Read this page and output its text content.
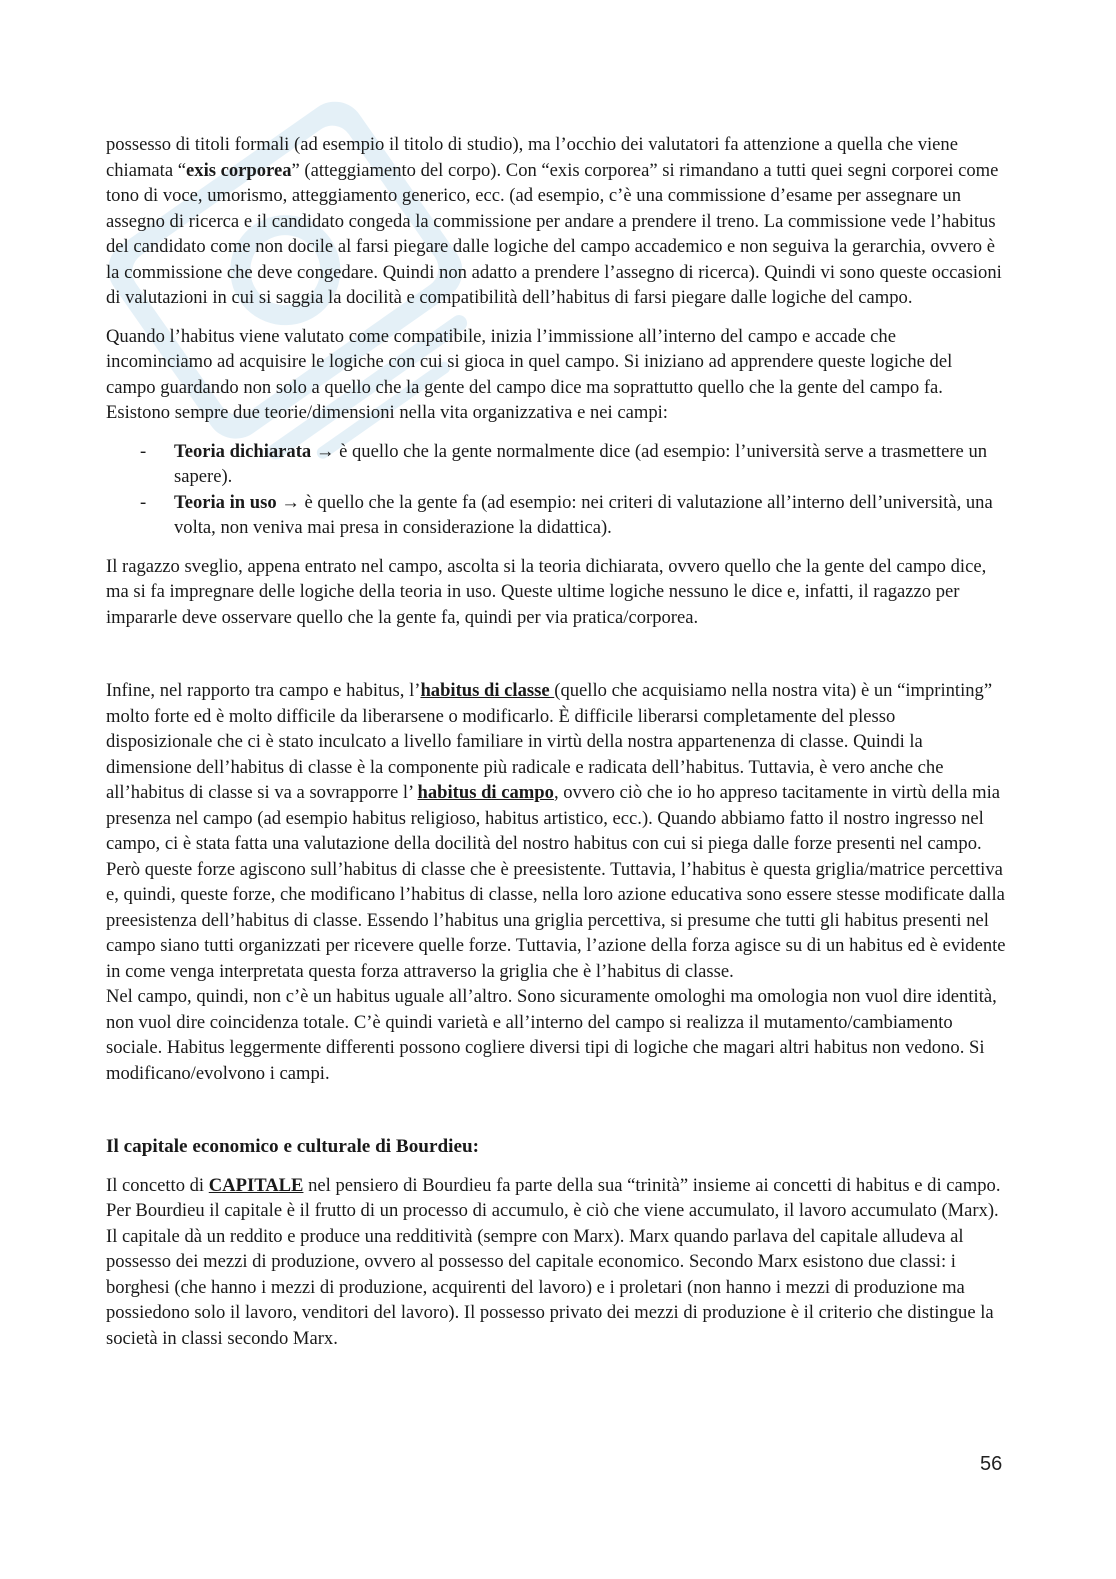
possesso di titoli formali (ad esempio il titolo di studio), ma l’occhio dei valutatori fa attenzione a quella che viene chiamata “exis corporea” (atteggiamento del corpo). Con “exis corporea” si rimandano a tutti quei segni corporei come tono di voce, umorismo, atteggiamento generico, ecc. (ad esempio, c’è una commissione d’esame per assegnare un assegno di ricerca e il candidato congeda la commissione per andare a prendere il treno. La commissione vede l’habitus del candidato come non docile al farsi piegare dalle logiche del campo accademico e non seguiva la gerarchia, ovvero è la commissione che deve congedare. Quindi non adatto a prendere l’assegno di ricerca). Quindi vi sono queste occasioni di valutazioni in cui si saggia la docilità e compatibilità dell’habitus di farsi piegare dalle logiche del campo.

Quando l’habitus viene valutato come compatibile, inizia l’immissione all’interno del campo e accade che incominciamo ad acquisire le logiche con cui si gioca in quel campo. Si iniziano ad apprendere queste logiche del campo guardando non solo a quello che la gente del campo dice ma soprattutto quello che la gente del campo fa. Esistono sempre due teorie/dimensioni nella vita organizzativa e nei campi:

- Teoria dichiarata → è quello che la gente normalmente dice (ad esempio: l’università serve a trasmettere un sapere).
- Teoria in uso → è quello che la gente fa (ad esempio: nei criteri di valutazione all’interno dell’università, una volta, non veniva mai presa in considerazione la didattica).

Il ragazzo sveglio, appena entrato nel campo, ascolta si la teoria dichiarata, ovvero quello che la gente del campo dice, ma si fa impregnare delle logiche della teoria in uso. Queste ultime logiche nessuno le dice e, infatti, il ragazzo per impararle deve osservare quello che la gente fa, quindi per via pratica/corporea.

Infine, nel rapporto tra campo e habitus, l’habitus di classe (quello che acquisiamo nella nostra vita) è un “imprinting” molto forte ed è molto difficile da liberarsene o modificarlo. È difficile liberarsi completamente del plesso disposizionale che ci è stato inculcato a livello familiare in virtù della nostra appartenenza di classe. Quindi la dimensione dell’habitus di classe è la componente più radicale e radicata dell’habitus. Tuttavia, è vero anche che all’habitus di classe si va a sovrapporre l’ habitus di campo, ovvero ciò che io ho appreso tacitamente in virtù della mia presenza nel campo (ad esempio habitus religioso, habitus artistico, ecc.). Quando abbiamo fatto il nostro ingresso nel campo, ci è stata fatta una valutazione della docilità del nostro habitus con cui si piega dalle forze presenti nel campo. Però queste forze agiscono sull’habitus di classe che è preesistente. Tuttavia, l’habitus è questa griglia/matrice percettiva e, quindi, queste forze, che modificano l’habitus di classe, nella loro azione educativa sono essere stesse modificate dalla preesistenza dell’habitus di classe. Essendo l’habitus una griglia percettiva, si presume che tutti gli habitus presenti nel campo siano tutti organizzati per ricevere quelle forze. Tuttavia, l’azione della forza agisce su di un habitus ed è evidente in come venga interpretata questa forza attraverso la griglia che è l’habitus di classe.

Nel campo, quindi, non c’è un habitus uguale all’altro. Sono sicuramente omologhi ma omologia non vuol dire identità, non vuol dire coincidenza totale. C’è quindi varietà e all’interno del campo si realizza il mutamento/cambiamento sociale. Habitus leggermente differenti possono cogliere diversi tipi di logiche che magari altri habitus non vedono. Si modificano/evolvono i campi.

Il capitale economico e culturale di Bourdieu:

Il concetto di CAPITALE nel pensiero di Bourdieu fa parte della sua “trinità” insieme ai concetti di habitus e di campo. Per Bourdieu il capitale è il frutto di un processo di accumulo, è ciò che viene accumulato, il lavoro accumulato (Marx). Il capitale dà un reddito e produce una redditività (sempre con Marx). Marx quando parlava del capitale alludeva al possesso dei mezzi di produzione, ovvero al possesso del capitale economico. Secondo Marx esistono due classi: i borghesi (che hanno i mezzi di produzione, acquirenti del lavoro) e i proletari (non hanno i mezzi di produzione ma possiedono solo il lavoro, venditori del lavoro). Il possesso privato dei mezzi di produzione è il criterio che distingue la società in classi secondo Marx.

56
